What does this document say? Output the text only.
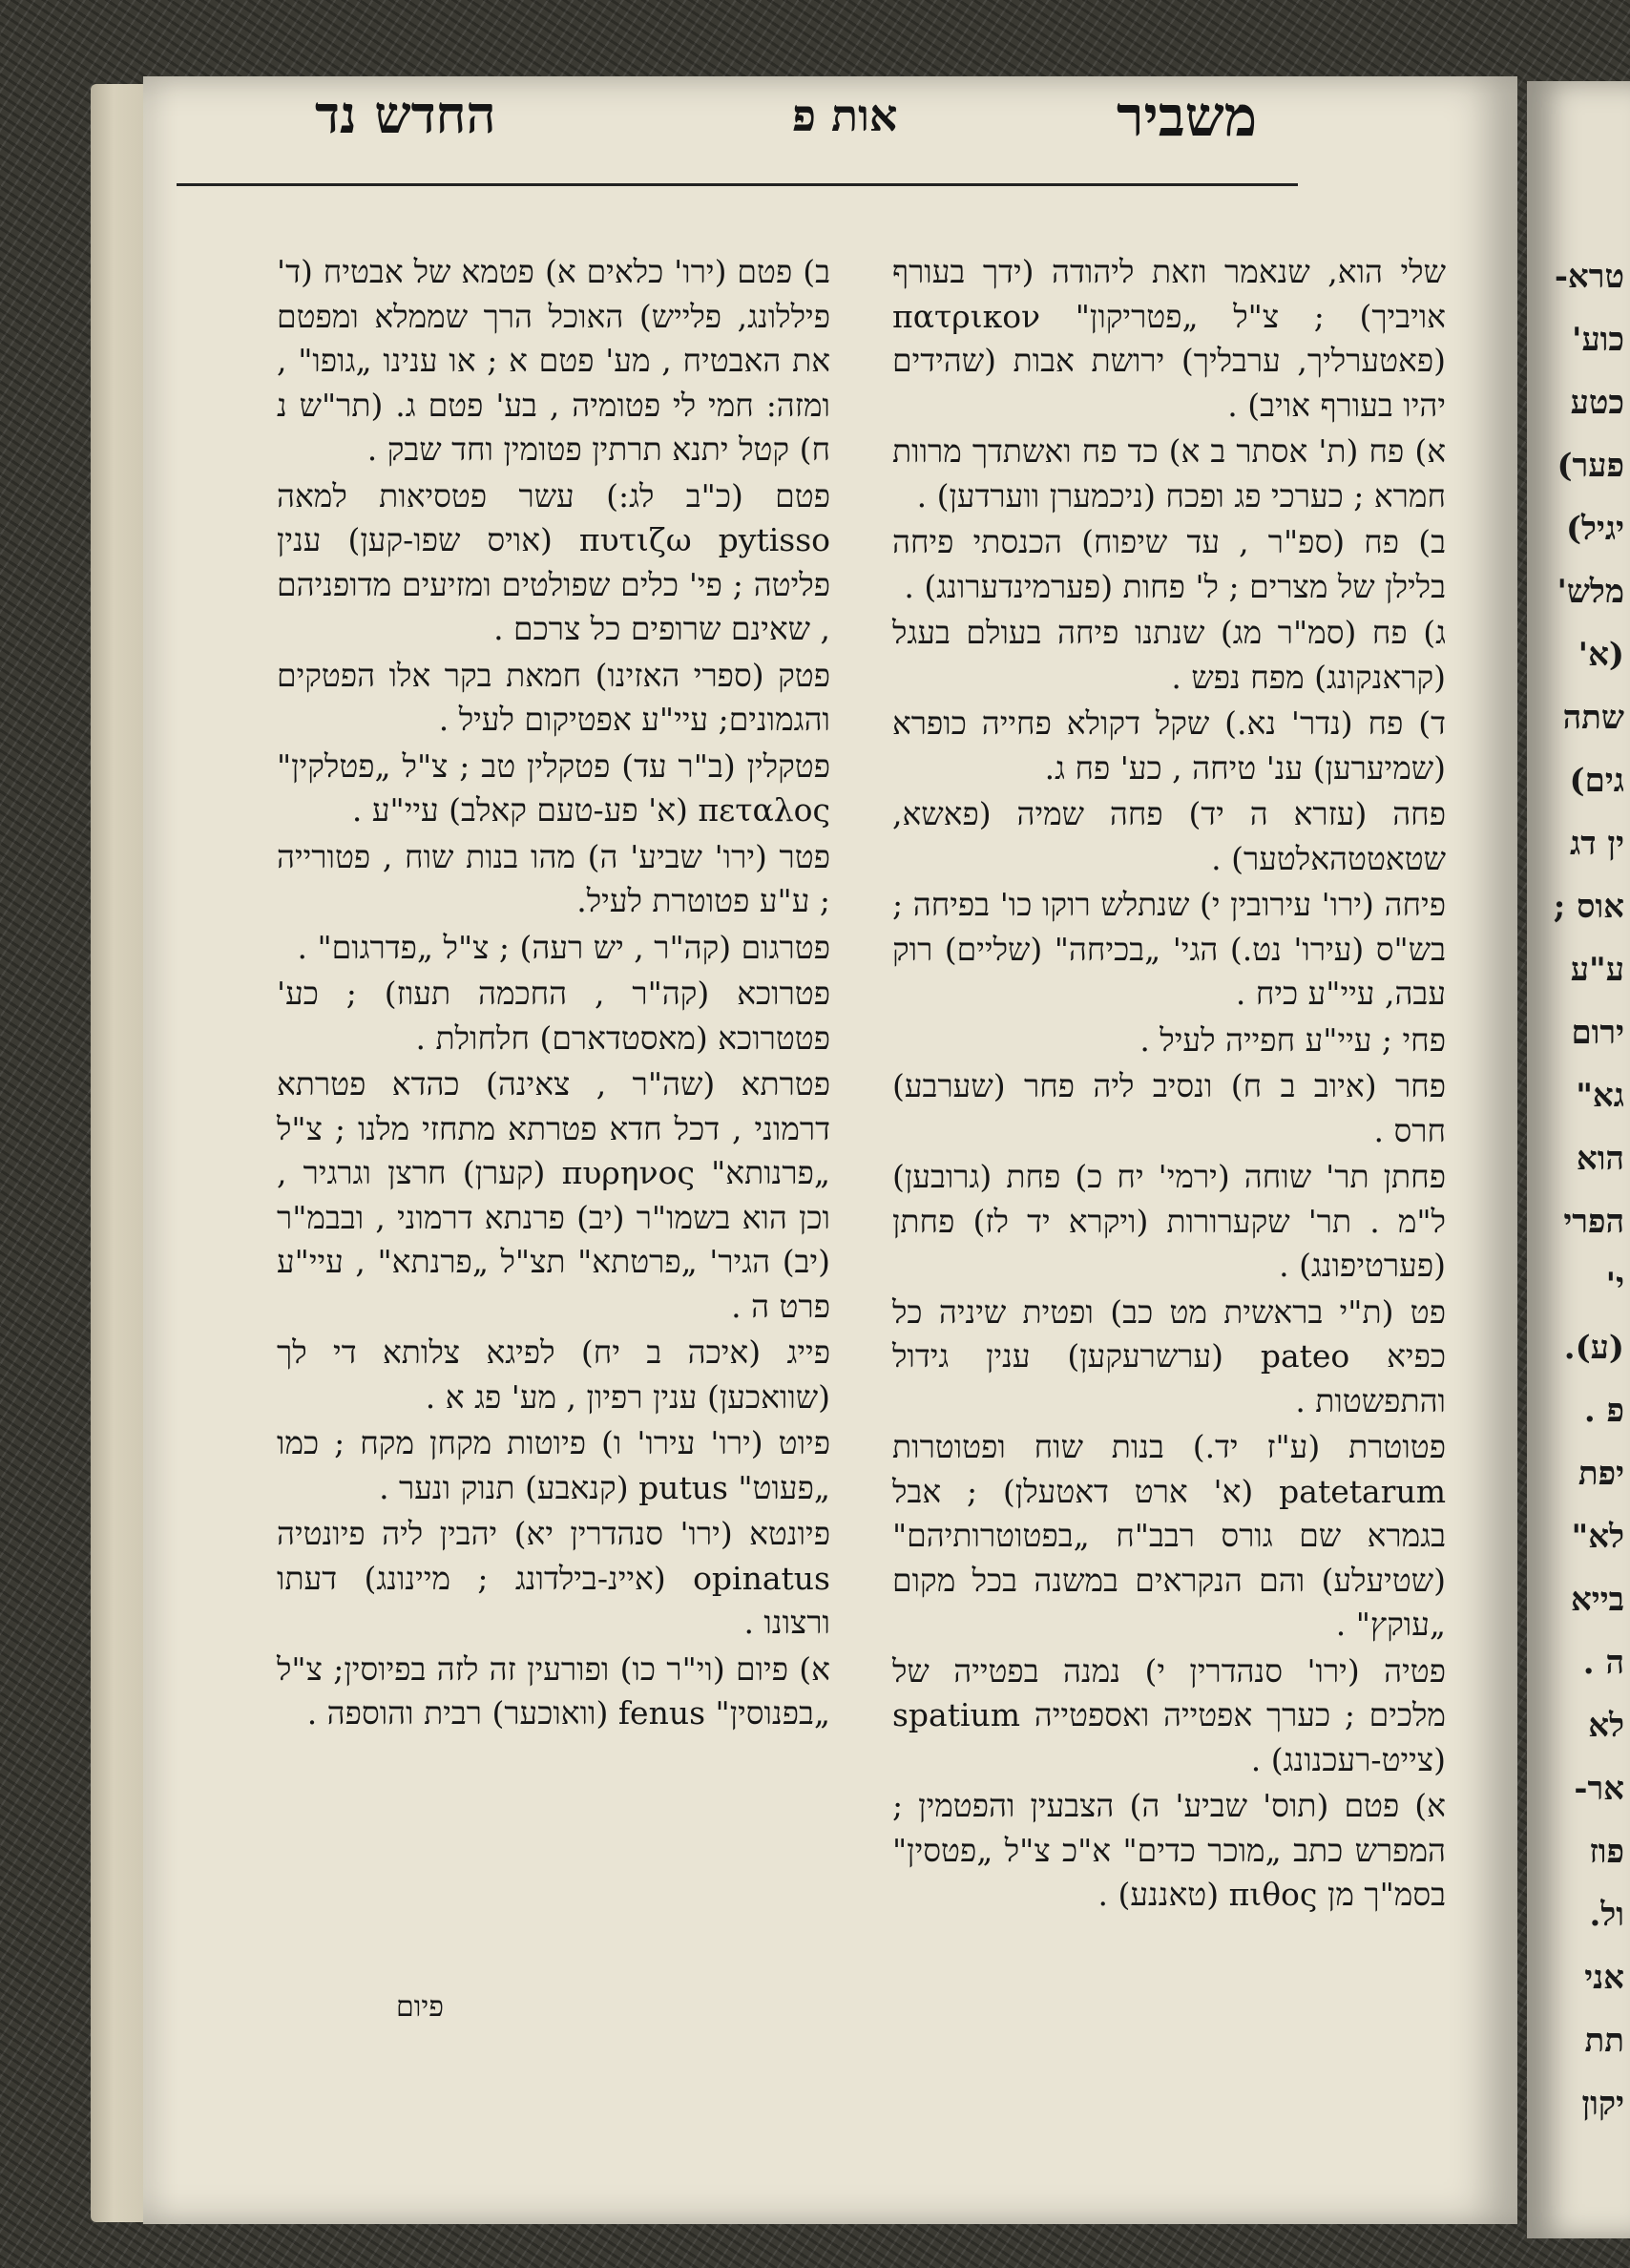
החדש נד	אות פ	משביר

שלי הוא, שנאמר וזאת ליהודה (ידך בעורף אויביך) ; צ"ל „פטריקון" πατρικον (פאטערליך, ערבליך) ירושת אבות (שהידים יהיו בעורף אויב) .

א) פח (ת' אסתר ב א) כד פח ואשתדך מרוות חמרא ; כערכי פג ופכח (ניכמערן ווערדען) .

ב) פח (ספ"ר , עד שיפוח) הכנסתי פיחה בלילן של מצרים ; ל' פחות (פערמינדערונג) .

ג) פח (סמ"ר מג) שנתנו פיחה בעולם בעגל (קראנקונג) מפח נפש .

ד) פח (נדר' נא.) שקל דקולא פחייה כופרא (שמיערען) ענ' טיחה , כע' פח ג.

פחה (עזרא ה יד) פחה שמיה (פאשא, שטאטטהאלטער) .

פיחה (ירו' עירובין י) שנתלש רוקו כו' בפיחה ; בש"ס (עירו' נט.) הגי' „בכיחה" (שליים) רוק עבה, עיי"ע כיח .

פחי ; עיי"ע חפייה לעיל .

פחר (איוב ב ח) ונסיב ליה פחר (שערבע) חרס .

פחתן תר' שוחה (ירמי' יח כ) פחת (גרובען) ל"מ . תר' שקערורות (ויקרא יד לז) פחתן (פערטיפונג) .

פט (ת"י בראשית מט כב) ופטית שיניה כל כפיא pateo (ערשרעקען) ענין גידול והתפשטות .

פטוטרת (ע"ז יד.) בנות שוח ופטוטרות patetarum (א' ארט דאטעלן) ; אבל בגמרא שם גורס רבב"ח „בפטוטרותיהם" (שטיעלע) והם הנקראים במשנה בכל מקום „עוקץ" .

פטיה (ירו' סנהדרין י) נמנה בפטייה של מלכים ; כערך אפטייה ואספטייה spatium (צייט-רעכנונג) .

א) פטם (תוס' שביע' ה) הצבעין והפטמין ; המפרש כתב „מוכר כדים" א"כ צ"ל „פטסין" בסמ"ך מן πιθος (טאננע) .

ב) פטם (ירו' כלאים א) פטמא של אבטיח (ד' פיללונג, פלייש) האוכל הרך שממלא ומפטם את האבטיח , מע' פטם א ; או ענינו „גופו" , ומזה: חמי לי פטומיה , בע' פטם ג. (תר"ש נ ח) קטל יתנא תרתין פטומין וחד שבק .

פטם (כ"ב לג:) עשר פטסיאות למאה πυτιζω pytisso (אויס שפו-קען) ענין פליטה ; פי' כלים שפולטים ומזיעים מדופניהם , שאינם שרופים כל צרכם .

פטק (ספרי האזינו) חמאת בקר אלו הפטקים והגמונים; עיי"ע אפטיקום לעיל .

פטקלין (ב"ר עד) פטקלין טב ; צ"ל „פטלקין" πεταλος (א' פע-טעם קאלב) עיי"ע .

פטר (ירו' שביע' ה) מהו בנות שוח , פטורייה ; ע"ע פטוטרת לעיל.

פטרגום (קה"ר , יש רעה) ; צ"ל „פדרגום" .

פטרוכא (קה"ר , החכמה תעוז) ; כע' פטטרוכא (מאסטדארם) חלחולת .

פטרתא (שה"ר , צאינה) כהדא פטרתא דרמוני , דכל חדא פטרתא מתחזי מלנו ; צ"ל „פרנותא" πυρηνος (קערן) חרצן וגרגיר , וכן הוא בשמו"ר (יב) פרנתא דרמוני , ובבמ"ר (יב) הגיר' „פרטתא" תצ"ל „פרנתא" , עיי"ע פרט ה .

פייג (איכה ב יח) לפיגא צלותא די לך (שוואכען) ענין רפיון , מע' פג א .

פיוט (ירו' עירו' ו) פיוטות מקחן מקח ; כמו „פעוט" putus (קנאבע) תנוק ונער .

פיונטא (ירו' סנהדרין יא) יהבין ליה פיונטיה opinatus (איינ-בילדונג ; מיינונג) דעתו ורצונו .

א) פיום (וי"ר כו) ופורעין זה לזה בפיוסין; צ"ל „בפנוסין" fenus (וואוכער) רבית והוספה .

פיום
טרא-
כוע'
כטע
פער)
יגיל)
מלש'
(א'
שתה
גים)
ין דג
אוס ;
ע"ע
ירום
גא"
הוא
הפרי
י'
(ע).
פ .
יפת
לא"
בייא
ה .
לא
אר-
פוז
ול.
אני
תת
יקון
